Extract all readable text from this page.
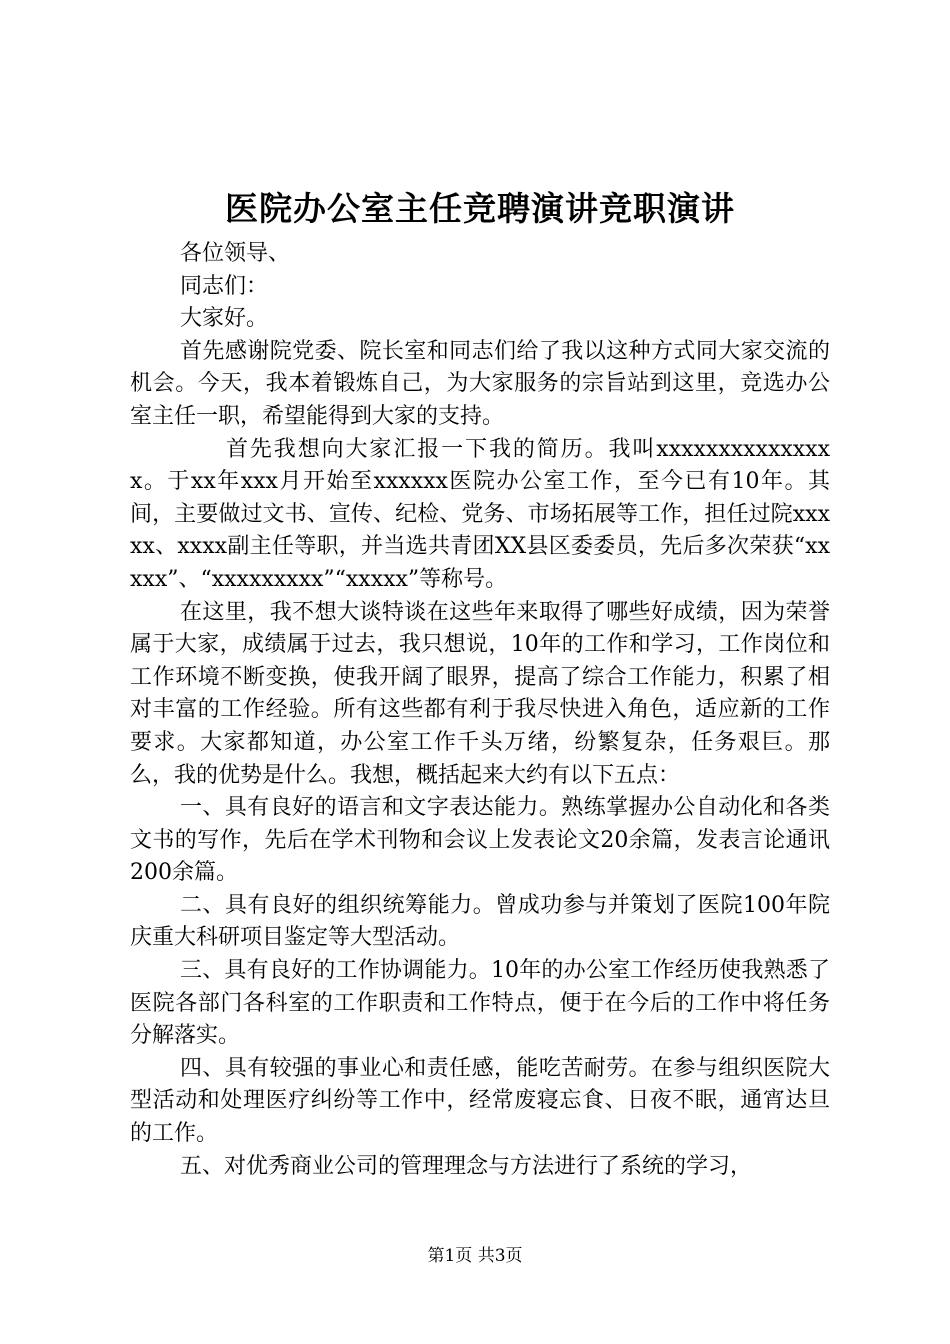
医院办公室主任竞聘演讲竞职演讲

各位领导、

同志们：

大家好。

首先感谢院党委、院长室和同志们给了我以这种方式同大家交流的机会。今天，我本着锻炼自己，为大家服务的宗旨站到这里，竞选办公室主任一职，希望能得到大家的支持。

首先我想向大家汇报一下我的简历。我叫xxxxxxxxxxxxxxx。于xx年xxx月开始至xxxxxx医院办公室工作，至今已有10年。其间，主要做过文书、宣传、纪检、党务、市场拓展等工作，担任过院xxxxx、xxxx副主任等职，并当选共青团XX县区委委员，先后多次荣获“xxxxx”、“xxxxxxxxx”“xxxxx”等称号。

在这里，我不想大谈特谈在这些年来取得了哪些好成绩，因为荣誉属于大家，成绩属于过去，我只想说，10年的工作和学习，工作岗位和工作环境不断变换，使我开阔了眼界，提高了综合工作能力，积累了相对丰富的工作经验。所有这些都有利于我尽快进入角色，适应新的工作要求。大家都知道，办公室工作千头万绪，纷繁复杂，任务艰巨。那么，我的优势是什么。我想，概括起来大约有以下五点：

一、具有良好的语言和文字表达能力。熟练掌握办公自动化和各类文书的写作，先后在学术刊物和会议上发表论文20余篇，发表言论通讯200余篇。

二、具有良好的组织统筹能力。曾成功参与并策划了医院100年院庆重大科研项目鉴定等大型活动。

三、具有良好的工作协调能力。10年的办公室工作经历使我熟悉了医院各部门各科室的工作职责和工作特点，便于在今后的工作中将任务分解落实。

四、具有较强的事业心和责任感，能吃苦耐劳。在参与组织医院大型活动和处理医疗纠纷等工作中，经常废寝忘食、日夜不眠，通宵达旦的工作。

五、对优秀商业公司的管理理念与方法进行了系统的学习，

第1页 共3页
